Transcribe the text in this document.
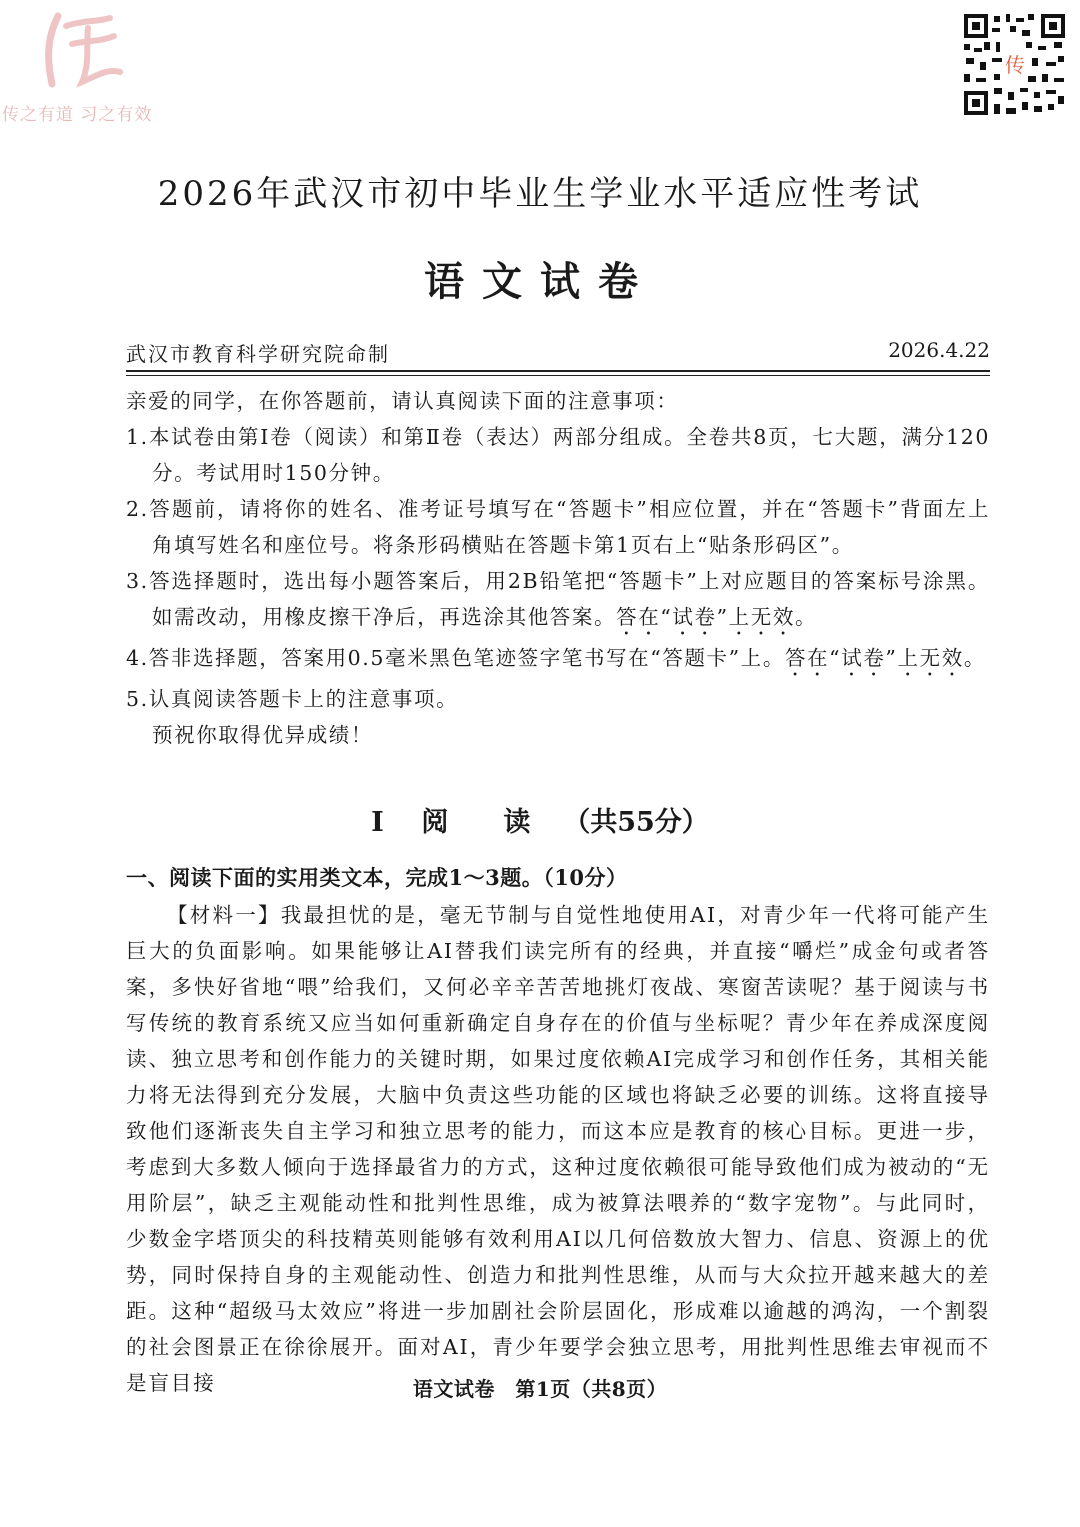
传之有道 习之有效
传
2026年武汉市初中毕业生学业水平适应性考试
语文试卷
武汉市教育科学研究院命制	2026.4.22

亲爱的同学，在你答题前，请认真阅读下面的注意事项：

1.本试卷由第Ⅰ卷（阅读）和第Ⅱ卷（表达）两部分组成。全卷共8页，七大题，满分120分。考试用时150分钟。

2.答题前，请将你的姓名、准考证号填写在“答题卡”相应位置，并在“答题卡”背面左上角填写姓名和座位号。将条形码横贴在答题卡第1页右上“贴条形码区”。

3.答选择题时，选出每小题答案后，用2B铅笔把“答题卡”上对应题目的答案标号涂黑。如需改动，用橡皮擦干净后，再选涂其他答案。答在“试卷”上无效。

4.答非选择题，答案用0.5毫米黑色笔迹签字笔书写在“答题卡”上。答在“试卷”上无效。

5.认真阅读答题卡上的注意事项。

预祝你取得优异成绩！

Ⅰ 阅　读 （共55分）
一、阅读下面的实用类文本，完成1～3题。（10分）

【材料一】我最担忧的是，毫无节制与自觉性地使用AI，对青少年一代将可能产生巨大的负面影响。如果能够让AI替我们读完所有的经典，并直接“嚼烂”成金句或者答案，多快好省地“喂”给我们，又何必辛辛苦苦地挑灯夜战、寒窗苦读呢？基于阅读与书写传统的教育系统又应当如何重新确定自身存在的价值与坐标呢？青少年在养成深度阅读、独立思考和创作能力的关键时期，如果过度依赖AI完成学习和创作任务，其相关能力将无法得到充分发展，大脑中负责这些功能的区域也将缺乏必要的训练。这将直接导致他们逐渐丧失自主学习和独立思考的能力，而这本应是教育的核心目标。更进一步，考虑到大多数人倾向于选择最省力的方式，这种过度依赖很可能导致他们成为被动的“无用阶层”，缺乏主观能动性和批判性思维，成为被算法喂养的“数字宠物”。与此同时，少数金字塔顶尖的科技精英则能够有效利用AI以几何倍数放大智力、信息、资源上的优势，同时保持自身的主观能动性、创造力和批判性思维，从而与大众拉开越来越大的差距。这种“超级马太效应”将进一步加剧社会阶层固化，形成难以逾越的鸿沟，一个割裂的社会图景正在徐徐展开。面对AI，青少年要学会独立思考，用批判性思维去审视而不是盲目接	语文试卷　第1页（共8页）
